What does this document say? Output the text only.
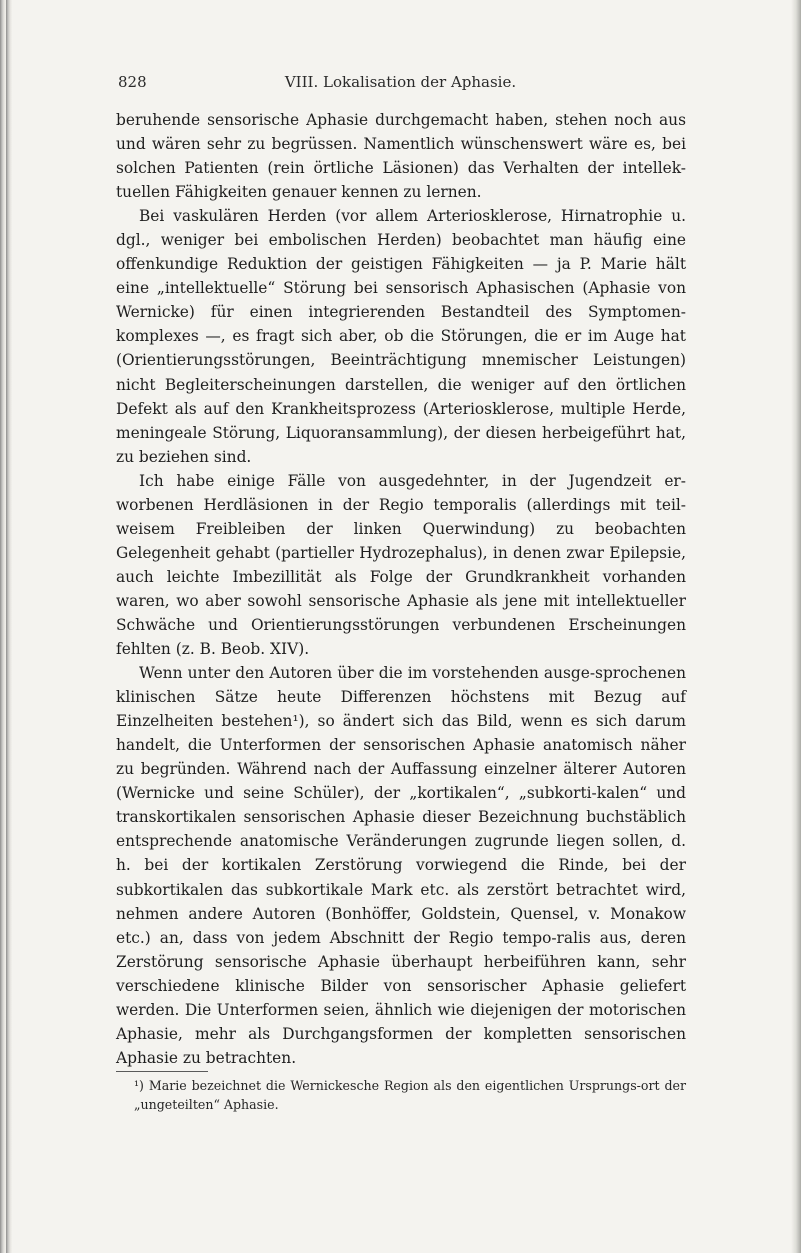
828	VIII. Lokalisation der Aphasie.

beruhende sensorische Aphasie durchgemacht haben, stehen noch aus und wären sehr zu begrüssen. Namentlich wünschenswert wäre es, bei solchen Patienten (rein örtliche Läsionen) das Verhalten der intellek-tuellen Fähigkeiten genauer kennen zu lernen.

Bei vaskulären Herden (vor allem Arteriosklerose, Hirnatrophie u. dgl., weniger bei embolischen Herden) beobachtet man häufig eine offenkundige Reduktion der geistigen Fähigkeiten — ja P. Marie hält eine „intellektuelle“ Störung bei sensorisch Aphasischen (Aphasie von Wernicke) für einen integrierenden Bestandteil des Symptomen-komplexes —, es fragt sich aber, ob die Störungen, die er im Auge hat (Orientierungsstörungen, Beeinträchtigung mnemischer Leistungen) nicht Begleiterscheinungen darstellen, die weniger auf den örtlichen Defekt als auf den Krankheitsprozess (Arteriosklerose, multiple Herde, meningeale Störung, Liquoransammlung), der diesen herbeigeführt hat, zu beziehen sind.

Ich habe einige Fälle von ausgedehnter, in der Jugendzeit er-worbenen Herdläsionen in der Regio temporalis (allerdings mit teil-weisem Freibleiben der linken Querwindung) zu beobachten Gelegenheit gehabt (partieller Hydrozephalus), in denen zwar Epilepsie, auch leichte Imbezillität als Folge der Grundkrankheit vorhanden waren, wo aber sowohl sensorische Aphasie als jene mit intellektueller Schwäche und Orientierungsstörungen verbundenen Erscheinungen fehlten (z. B. Beob. XIV).

Wenn unter den Autoren über die im vorstehenden ausge-sprochenen klinischen Sätze heute Differenzen höchstens mit Bezug auf Einzelheiten bestehen¹), so ändert sich das Bild, wenn es sich darum handelt, die Unterformen der sensorischen Aphasie anatomisch näher zu begründen. Während nach der Auffassung einzelner älterer Autoren (Wernicke und seine Schüler), der „kortikalen“, „subkorti-kalen“ und transkortikalen sensorischen Aphasie dieser Bezeichnung buchstäblich entsprechende anatomische Veränderungen zugrunde liegen sollen, d. h. bei der kortikalen Zerstörung vorwiegend die Rinde, bei der subkortikalen das subkortikale Mark etc. als zerstört betrachtet wird, nehmen andere Autoren (Bonhöffer, Goldstein, Quensel, v. Monakow etc.) an, dass von jedem Abschnitt der Regio tempo-ralis aus, deren Zerstörung sensorische Aphasie überhaupt herbeiführen kann, sehr verschiedene klinische Bilder von sensorischer Aphasie geliefert werden. Die Unterformen seien, ähnlich wie diejenigen der motorischen Aphasie, mehr als Durchgangsformen der kompletten sensorischen Aphasie zu betrachten.

¹) Marie bezeichnet die Wernickesche Region als den eigentlichen Ursprungs-ort der „ungeteilten“ Aphasie.
